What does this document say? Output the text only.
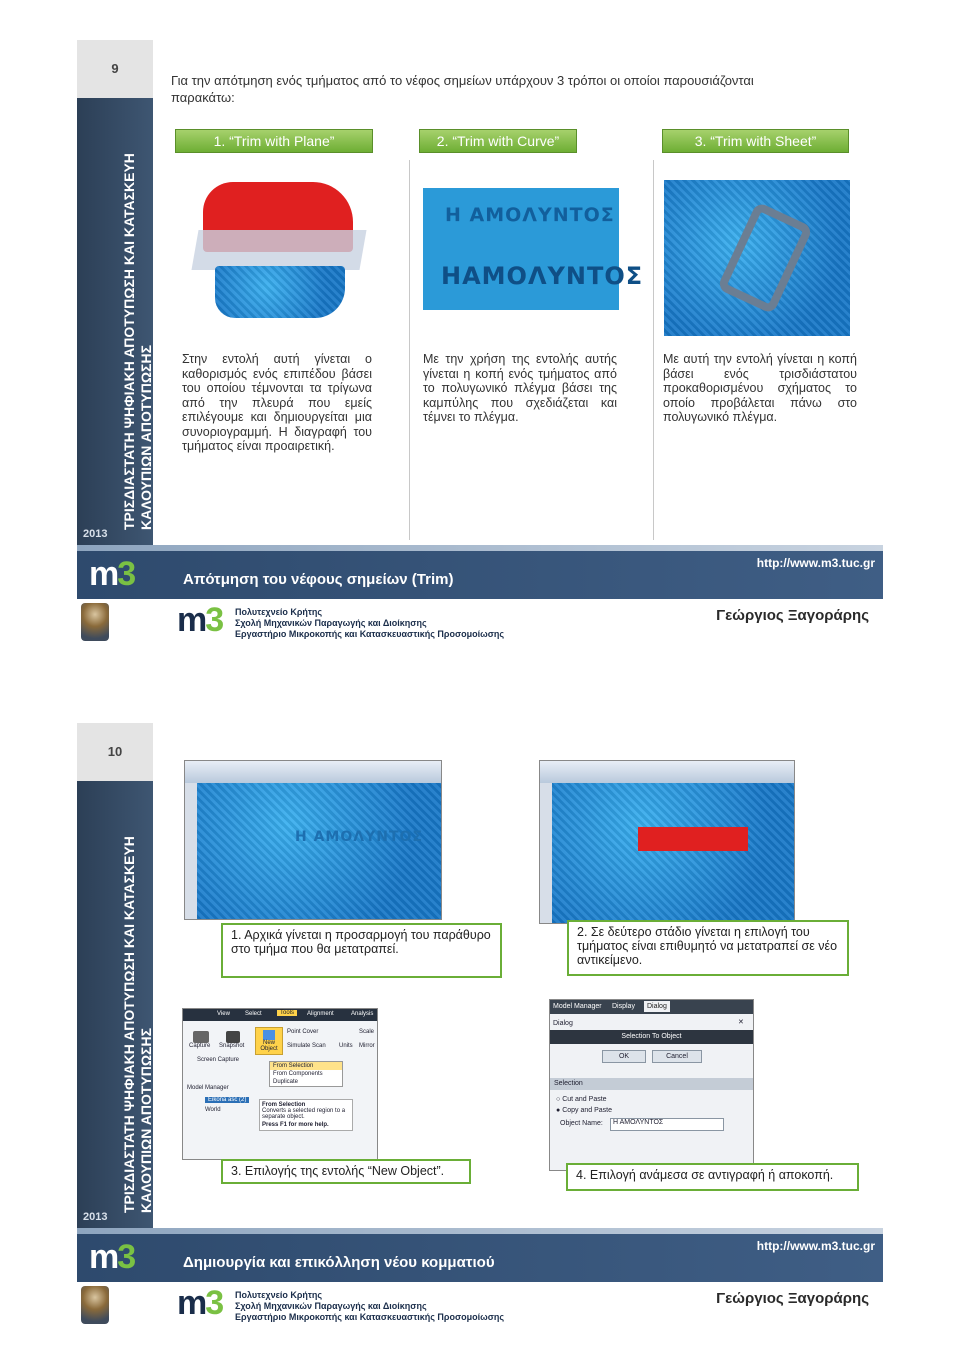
9
ΤΡΙΣΔΙΑΣΤΑΤΗ ΨΗΦΙΑΚΗ ΑΠΟΤΥΠΩΣΗ ΚΑΙ ΚΑΤΑΣΚΕΥΗ ΚΑΛΟΥΠΙΩΝ ΑΠΟΤΥΠΩΣΗΣ
2013
Για την απότμηση ενός τμήματος από το νέφος σημείων υπάρχουν 3 τρόποι οι οποίοι παρουσιάζονται παρακάτω:
1. “Trim with Plane”	2. “Trim with Curve”	3. “Trim with Sheet”
Η ΑΜΟΛΥΝΤΟΣ
ΗΑΜΟΛΥΝΤΟΣ
Στην εντολή αυτή γίνεται ο καθορισμός ενός επιπέδου βάσει του οποίου τέμνονται τα τρίγωνα από την πλευρά που εμείς επιλέγουμε και δημιουργείται μια συνοριογραμμή. Η διαγραφή του τμήματος είναι προαιρετική.
Με την χρήση της εντολής αυτής γίνεται η κοπή ενός τμήματος από το πολυγωνικό πλέγμα βάσει της καμπύλης που σχεδιάζεται και τέμνει το πλέγμα.
Με αυτή την εντολή γίνεται η κοπή βάσει ενός τρισδιάστατου προκαθορισμένου σχήματος το οποίο προβάλεται πάνω στο πολυγωνικό πλέγμα.
m3	Απότμηση του νέφους σημείων (Trim)
http://www.m3.tuc.gr
m3 Πολυτεχνείο Κρήτης
Σχολή Μηχανικών Παραγωγής και Διοίκησης
Εργαστήριο Μικροκοπής και Κατασκευαστικής Προσομοίωσης
Γεώργιος Ξαγοράρης
10
ΤΡΙΣΔΙΑΣΤΑΤΗ ΨΗΦΙΑΚΗ ΑΠΟΤΥΠΩΣΗ ΚΑΙ ΚΑΤΑΣΚΕΥΗ ΚΑΛΟΥΠΙΩΝ ΑΠΟΤΥΠΩΣΗΣ
2013
Η ΑΜΟΛΥΝΤΟΣ
1. Αρχικά γίνεται η προσαρμογή του παράθυρο στο τμήμα που θα μετατραπεί.
2. Σε δεύτερο στάδιο γίνεται η επιλογή του τμήματος είναι επιθυμητό να μετατραπεί σε νέο αντικείμενο.
View	Select	Tools	Alignment	Analysis
Capture	Snapshot	New Object
Point Cover
Simulate Scan Units
Scale
Mirror
Screen Capture
From Selection
From Components
Duplicate
Model Manager
Eikona asc (2)
World
From Selection
Converts a selected region to a separate object.
Press F1 for more help.
3. Επιλογής της εντολής “New Object”.
Model Manager Display	Dialog
Dialog	✕
Selection To Object
OK	Cancel
Selection
○ Cut and Paste
● Copy and Paste
Object Name:	Η ΑΜΟΛΥΝΤΟΣ
4. Επιλογή ανάμεσα σε αντιγραφή ή αποκοπή.
m3	Δημιουργία και επικόλληση νέου κομματιού
http://www.m3.tuc.gr
m3 Πολυτεχνείο Κρήτης
Σχολή Μηχανικών Παραγωγής και Διοίκησης
Εργαστήριο Μικροκοπής και Κατασκευαστικής Προσομοίωσης
Γεώργιος Ξαγοράρης
